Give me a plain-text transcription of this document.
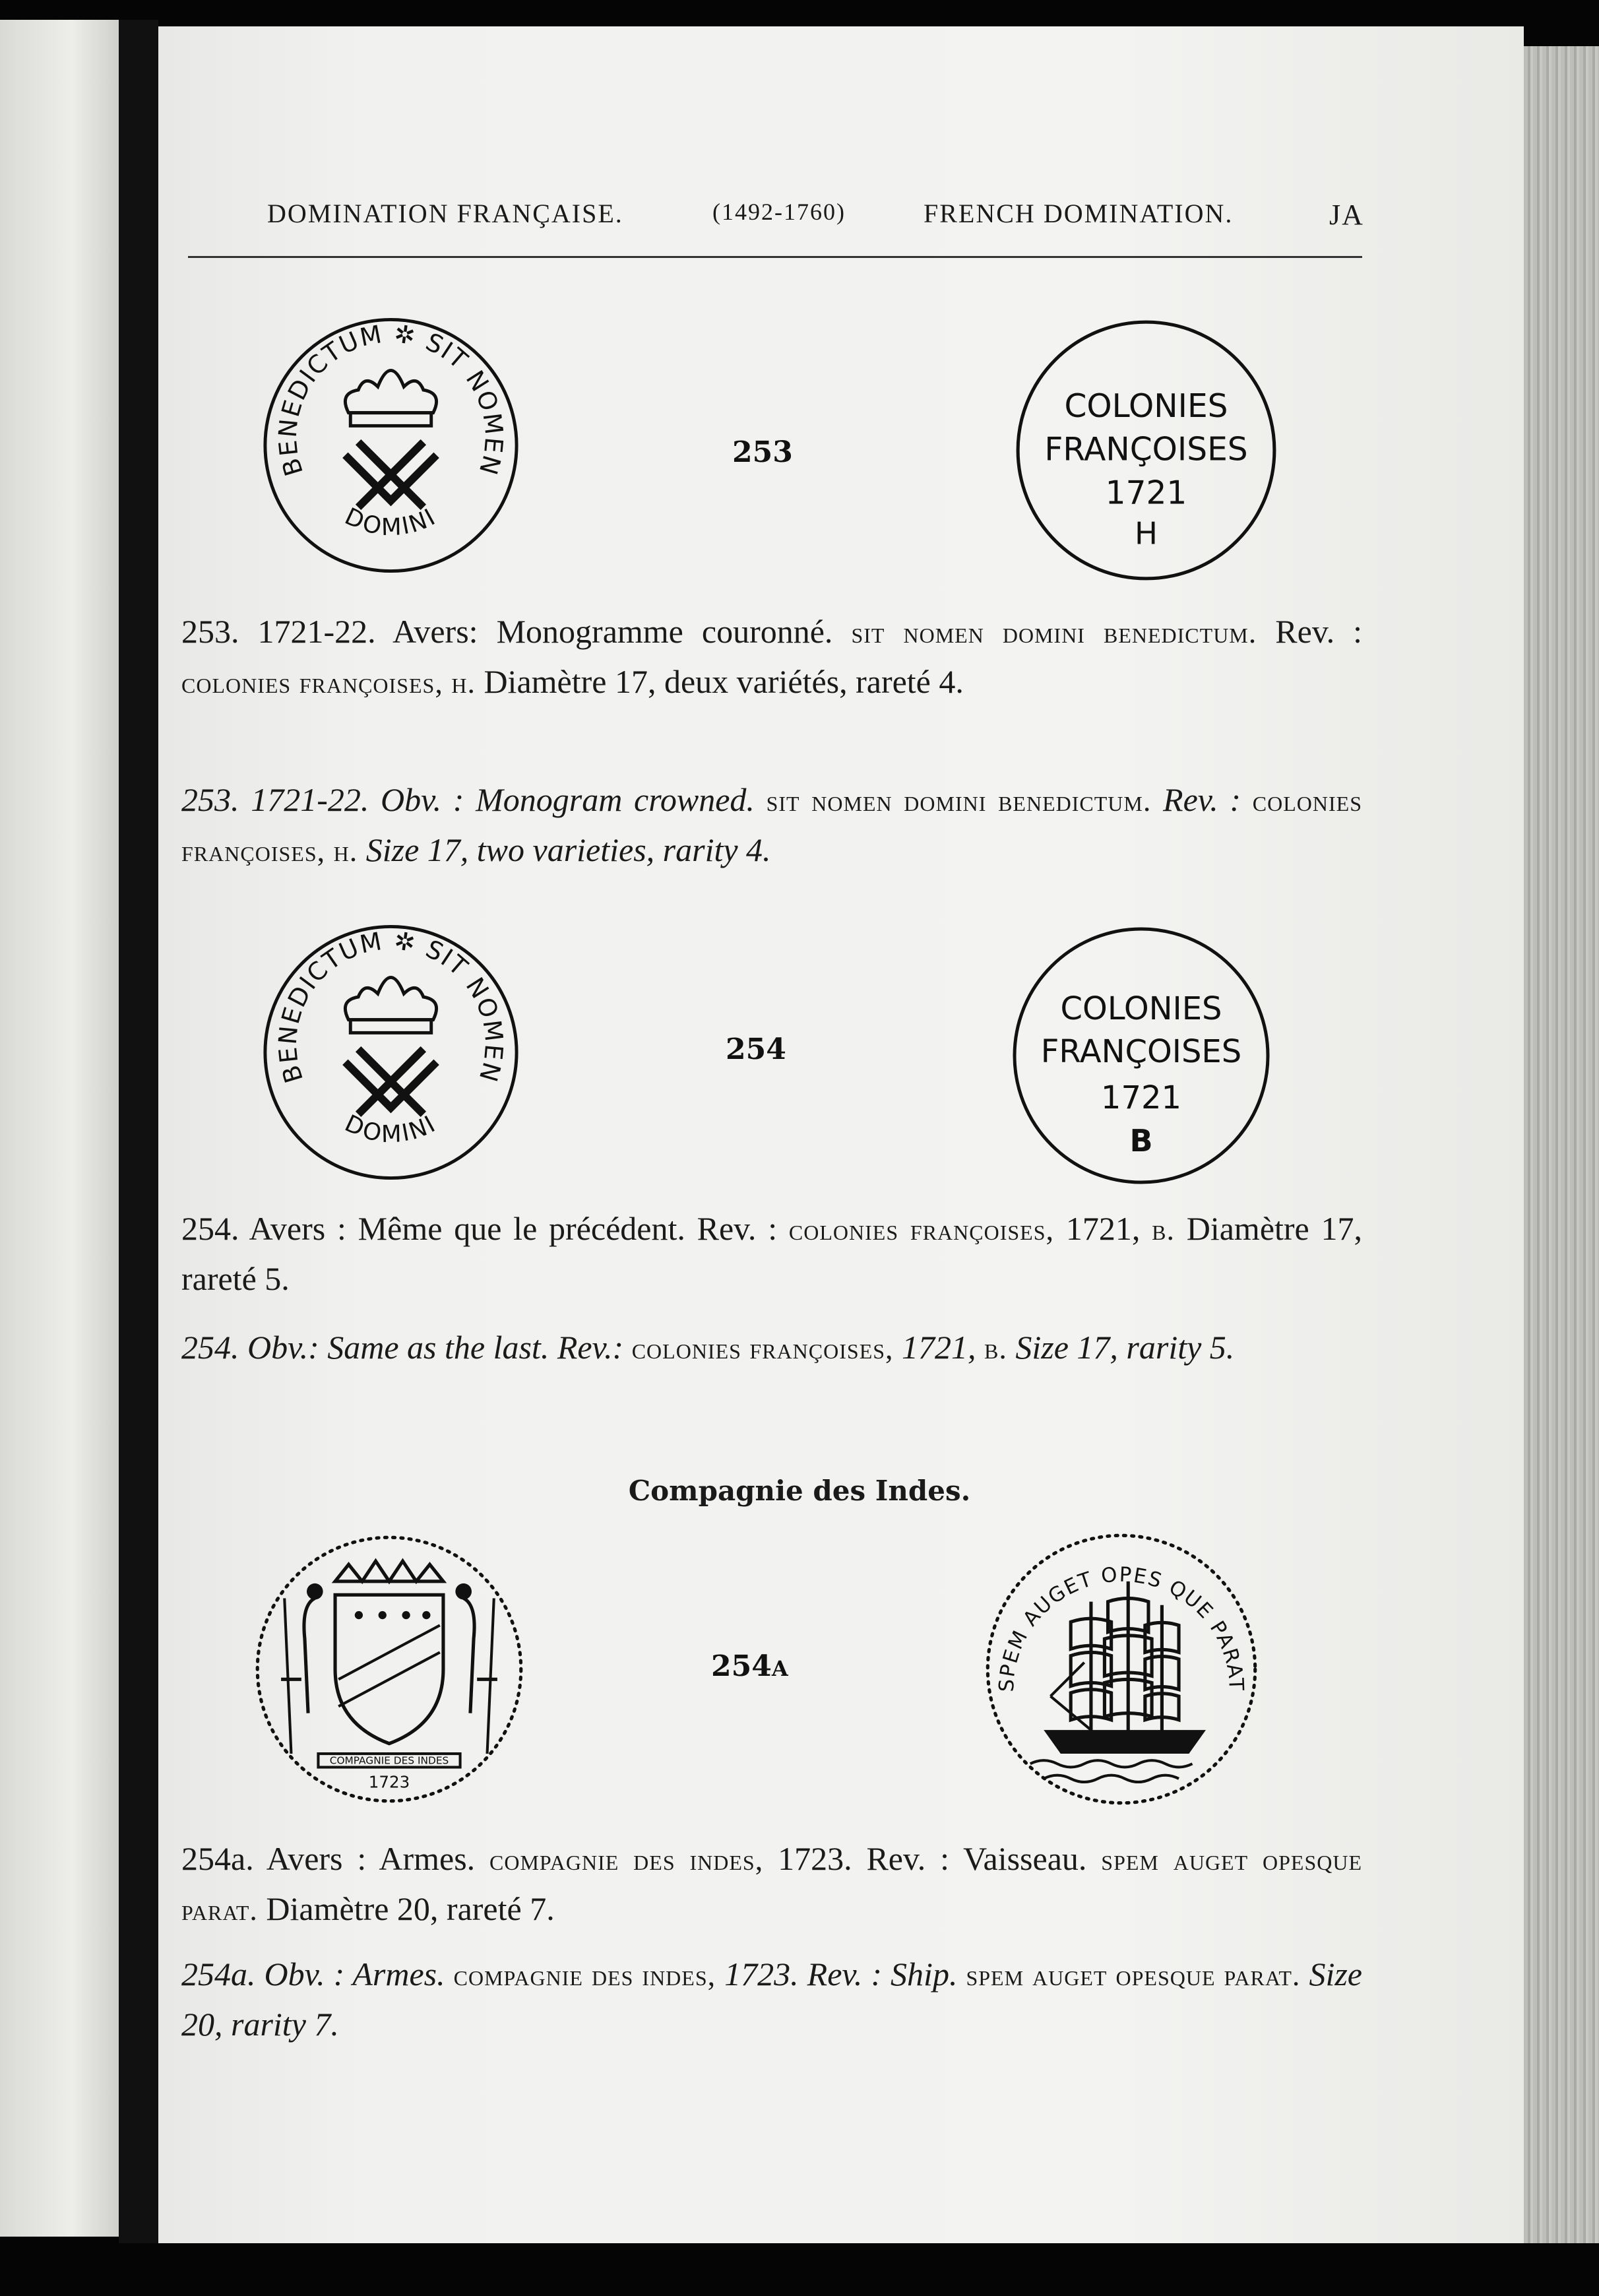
DOMINATION FRANÇAISE.	(1492-1760)	FRENCH DOMINATION.	JA
BENEDICTUM ✲ SIT NOMEN
DOMINI
253
COLONIES
FRANÇOISES
1721
H
253. 1721-22. Avers: Monogramme couronné. sit nomen domini benedictum. Rev. : colonies françoises, h. Diamètre 17, deux variétés, rareté 4.
253. 1721-22. Obv. : Monogram crowned. sit nomen domini benedictum. Rev. : colonies françoises, h. Size 17, two varieties, rarity 4.
BENEDICTUM ✲ SIT NOMEN
DOMINI
254
COLONIES
FRANÇOISES
1721
B
254. Avers : Même que le précédent. Rev. : colonies françoises, 1721, b. Diamètre 17, rareté 5.
254. Obv.: Same as the last. Rev.: colonies françoises, 1721, b. Size 17, rarity 5.
Compagnie des Indes.
COMPAGNIE DES INDES
1723
254A
SPEM AUGET OPES QUE PARAT
254a. Avers : Armes. compagnie des indes, 1723. Rev. : Vaisseau. spem auget opesque parat. Diamètre 20, rareté 7.
254a. Obv. : Armes. compagnie des indes, 1723. Rev. : Ship. spem auget opesque parat. Size 20, rarity 7.
